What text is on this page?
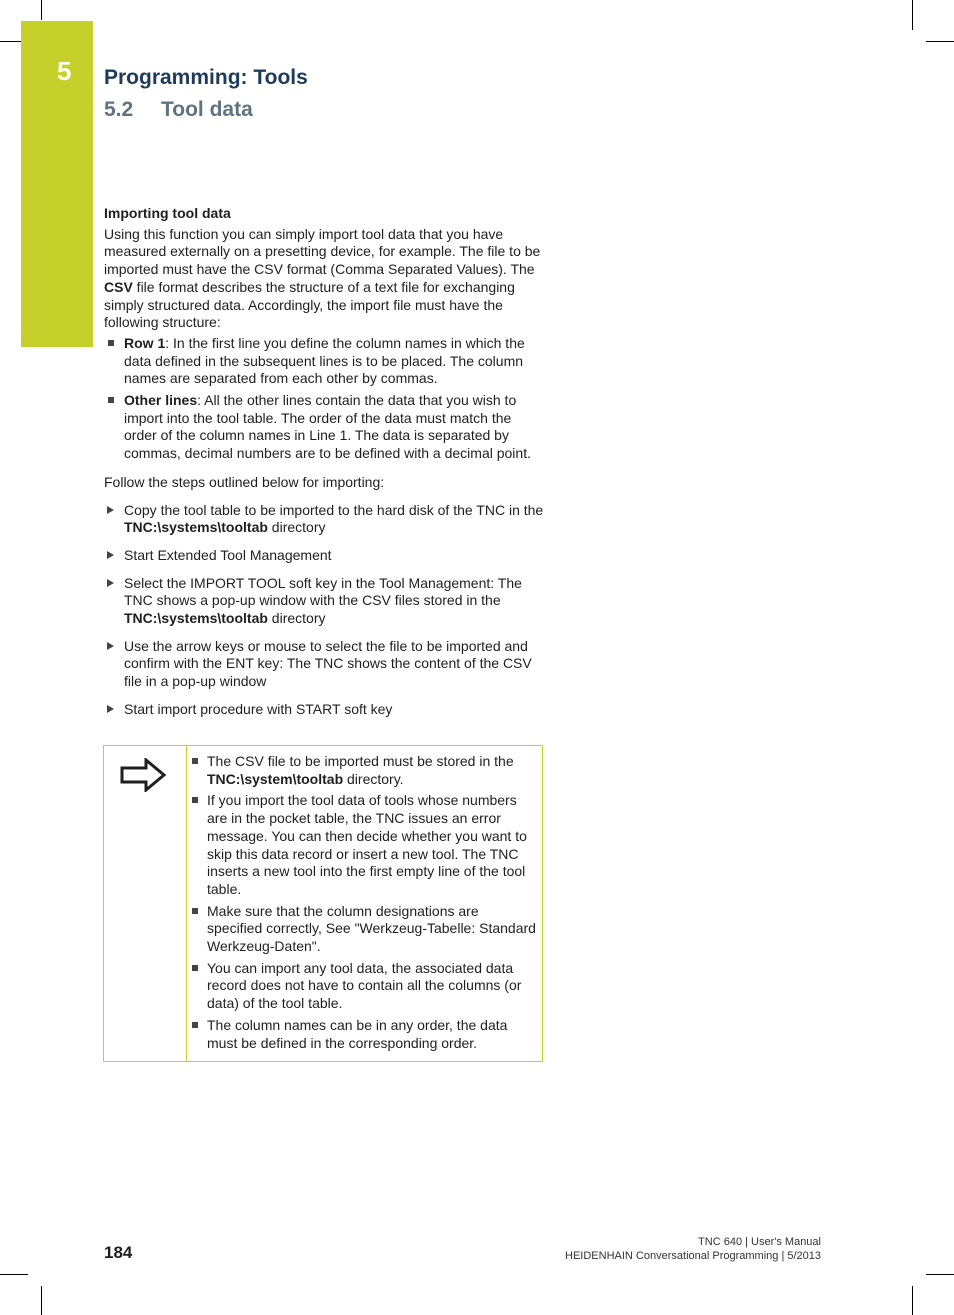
5 Programming: Tools
5.2 Tool data

Importing tool data

Using this function you can simply import tool data that you have measured externally on a presetting device, for example. The file to be imported must have the CSV format (Comma Separated Values). The CSV file format describes the structure of a text file for exchanging simply structured data. Accordingly, the import file must have the following structure:

Row 1: In the first line you define the column names in which the data defined in the subsequent lines is to be placed. The column names are separated from each other by commas.
Other lines: All the other lines contain the data that you wish to import into the tool table. The order of the data must match the order of the column names in Line 1. The data is separated by commas, decimal numbers are to be defined with a decimal point.

Follow the steps outlined below for importing:

Copy the tool table to be imported to the hard disk of the TNC in the TNC:\systems\tooltab directory
Start Extended Tool Management
Select the IMPORT TOOL soft key in the Tool Management: The TNC shows a pop-up window with the CSV files stored in the TNC:\systems\tooltab directory
Use the arrow keys or mouse to select the file to be imported and confirm with the ENT key: The TNC shows the content of the CSV file in a pop-up window
Start import procedure with START soft key
The CSV file to be imported must be stored in the TNC:\system\tooltab directory.
If you import the tool data of tools whose numbers are in the pocket table, the TNC issues an error message. You can then decide whether you want to skip this data record or insert a new tool. The TNC inserts a new tool into the first empty line of the tool table.
Make sure that the column designations are specified correctly, See "Werkzeug-Tabelle: Standard Werkzeug-Daten".
You can import any tool data, the associated data record does not have to contain all the columns (or data) of the tool table.
The column names can be in any order, the data must be defined in the corresponding order.
184
TNC 640 | User's Manual
HEIDENHAIN Conversational Programming | 5/2013
